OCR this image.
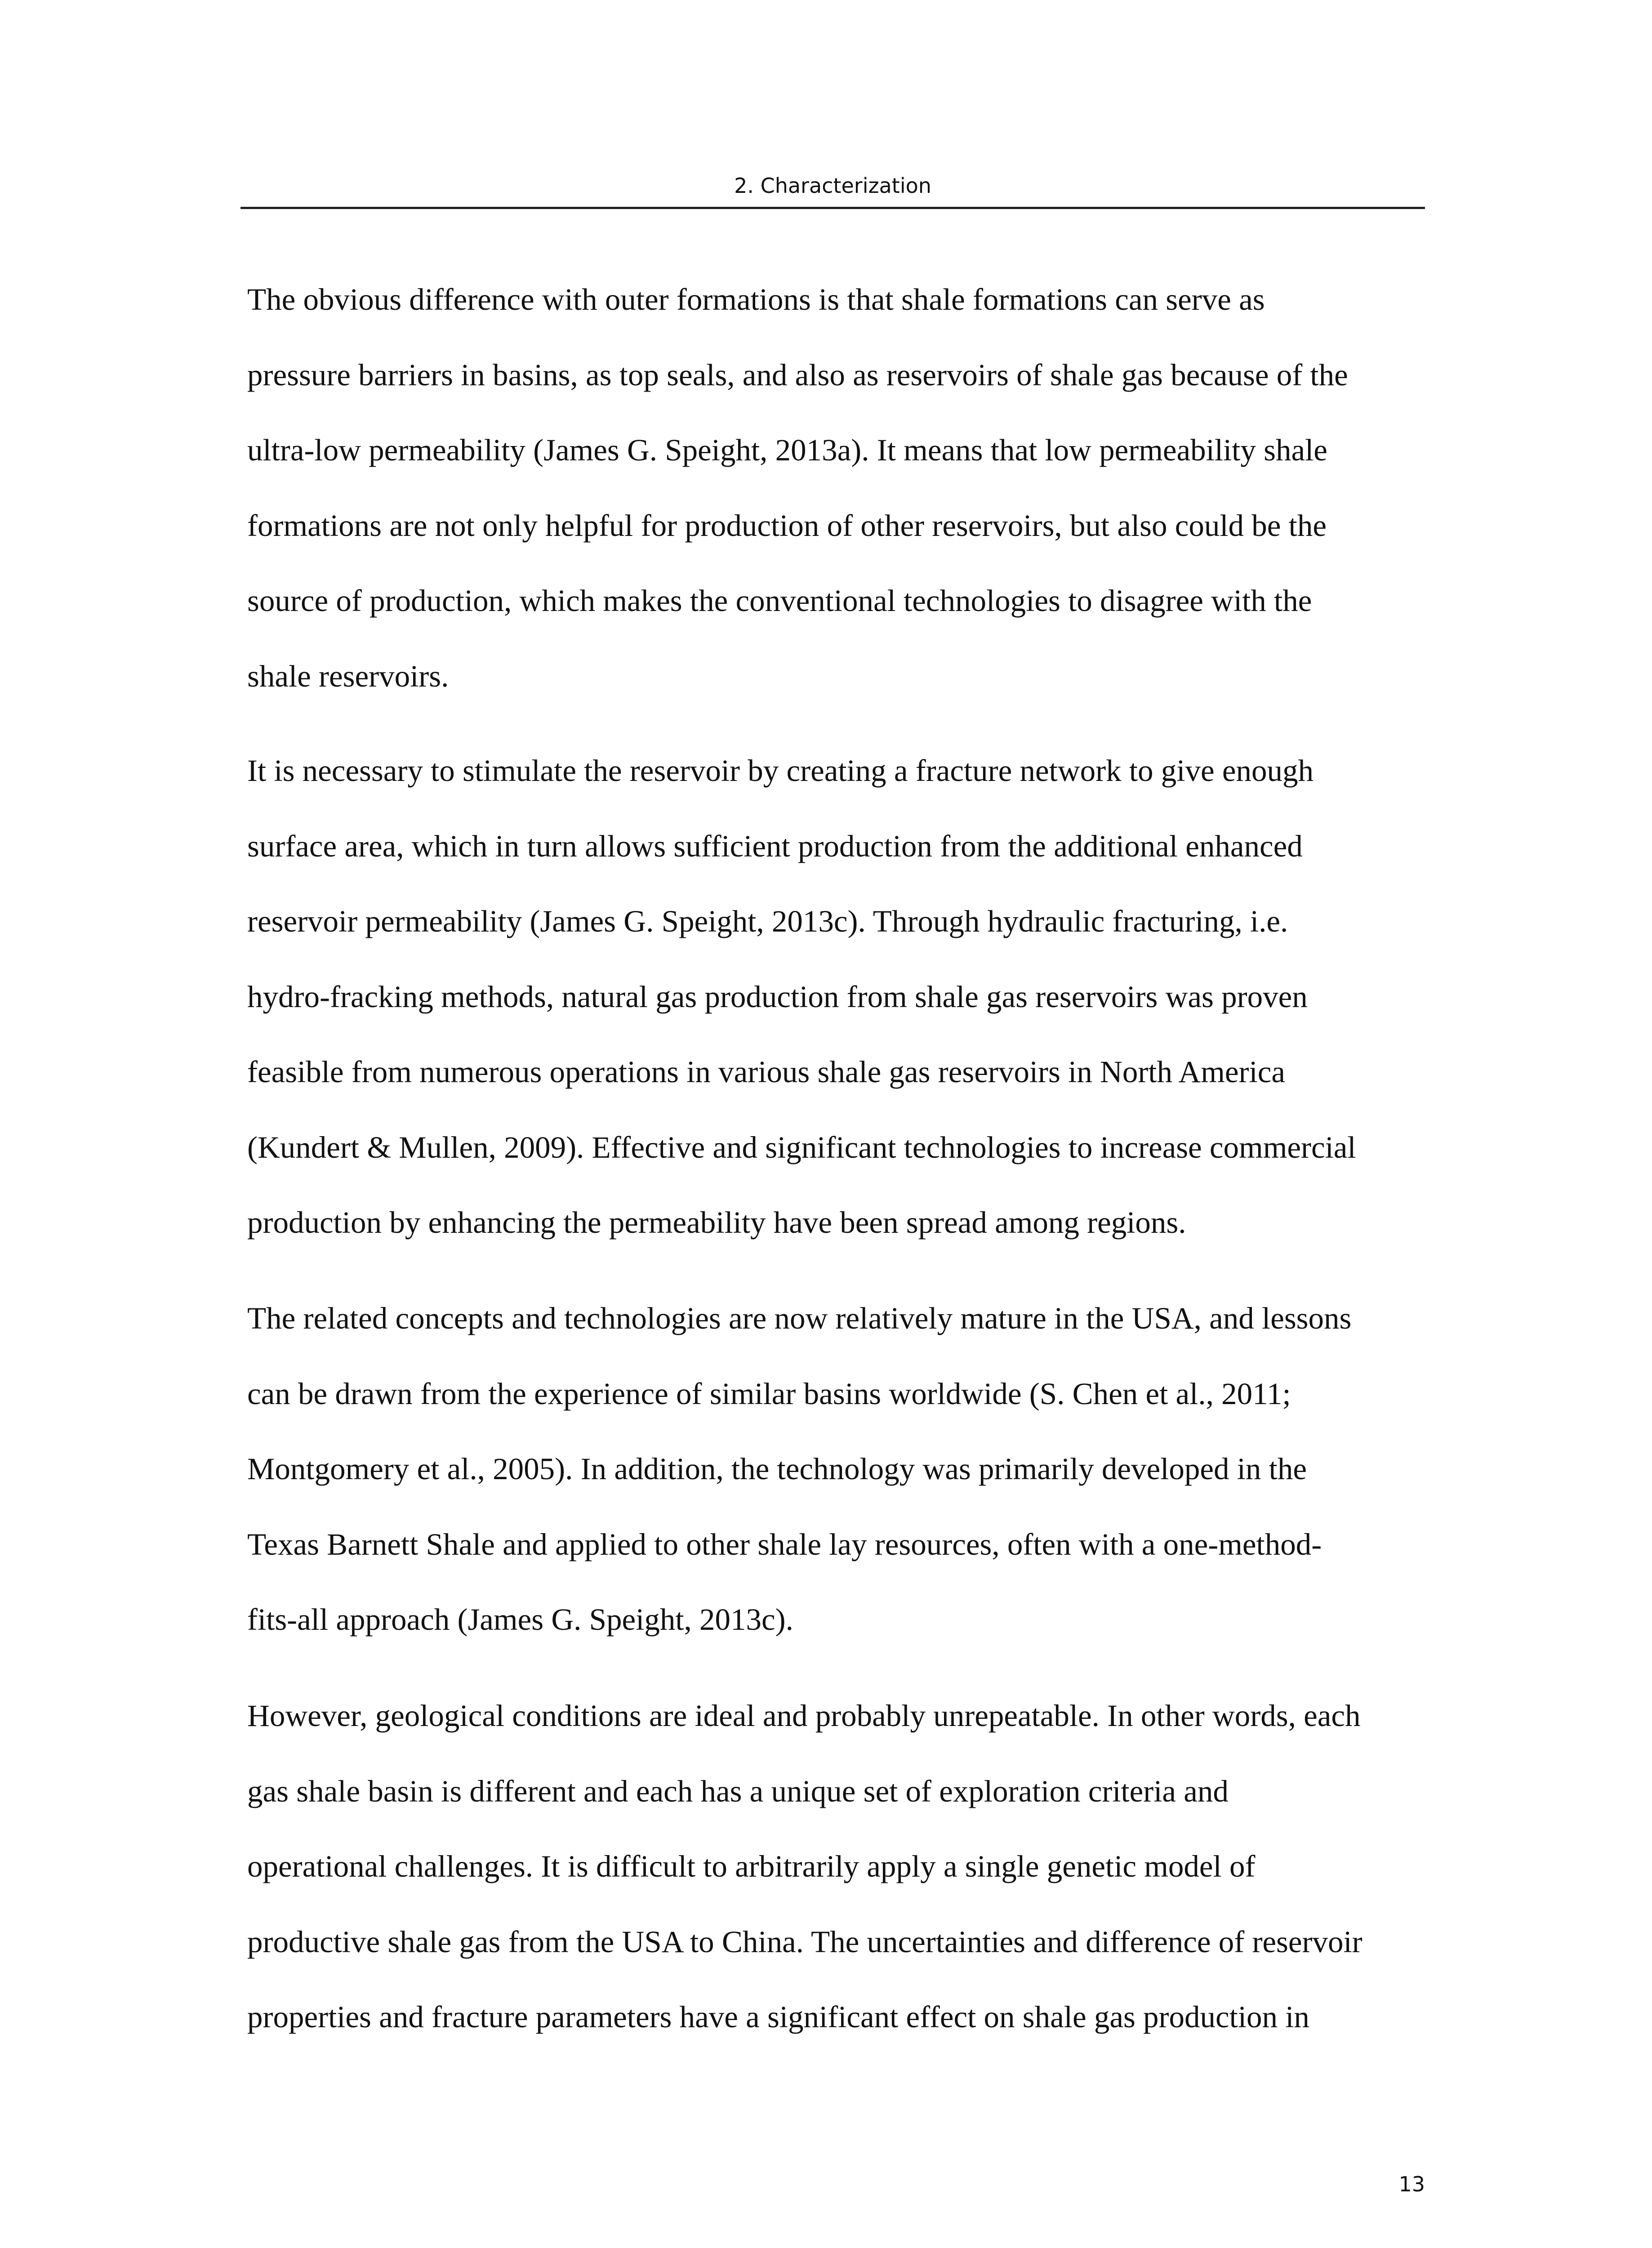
2. Characterization

The obvious difference with outer formations is that shale formations can serve as

pressure barriers in basins, as top seals, and also as reservoirs of shale gas because of the

ultra-low permeability (James G. Speight, 2013a). It means that low permeability shale

formations are not only helpful for production of other reservoirs, but also could be the

source of production, which makes the conventional technologies to disagree with the

shale reservoirs.

It is necessary to stimulate the reservoir by creating a fracture network to give enough

surface area, which in turn allows sufficient production from the additional enhanced

reservoir permeability (James G. Speight, 2013c). Through hydraulic fracturing, i.e.

hydro-fracking methods, natural gas production from shale gas reservoirs was proven

feasible from numerous operations in various shale gas reservoirs in North America

(Kundert & Mullen, 2009). Effective and significant technologies to increase commercial

production by enhancing the permeability have been spread among regions.

The related concepts and technologies are now relatively mature in the USA, and lessons

can be drawn from the experience of similar basins worldwide (S. Chen et al., 2011;

Montgomery et al., 2005). In addition, the technology was primarily developed in the

Texas Barnett Shale and applied to other shale lay resources, often with a one-method-

fits-all approach (James G. Speight, 2013c).

However, geological conditions are ideal and probably unrepeatable. In other words, each

gas shale basin is different and each has a unique set of exploration criteria and

operational challenges. It is difficult to arbitrarily apply a single genetic model of

productive shale gas from the USA to China. The uncertainties and difference of reservoir

properties and fracture parameters have a significant effect on shale gas production in

13
